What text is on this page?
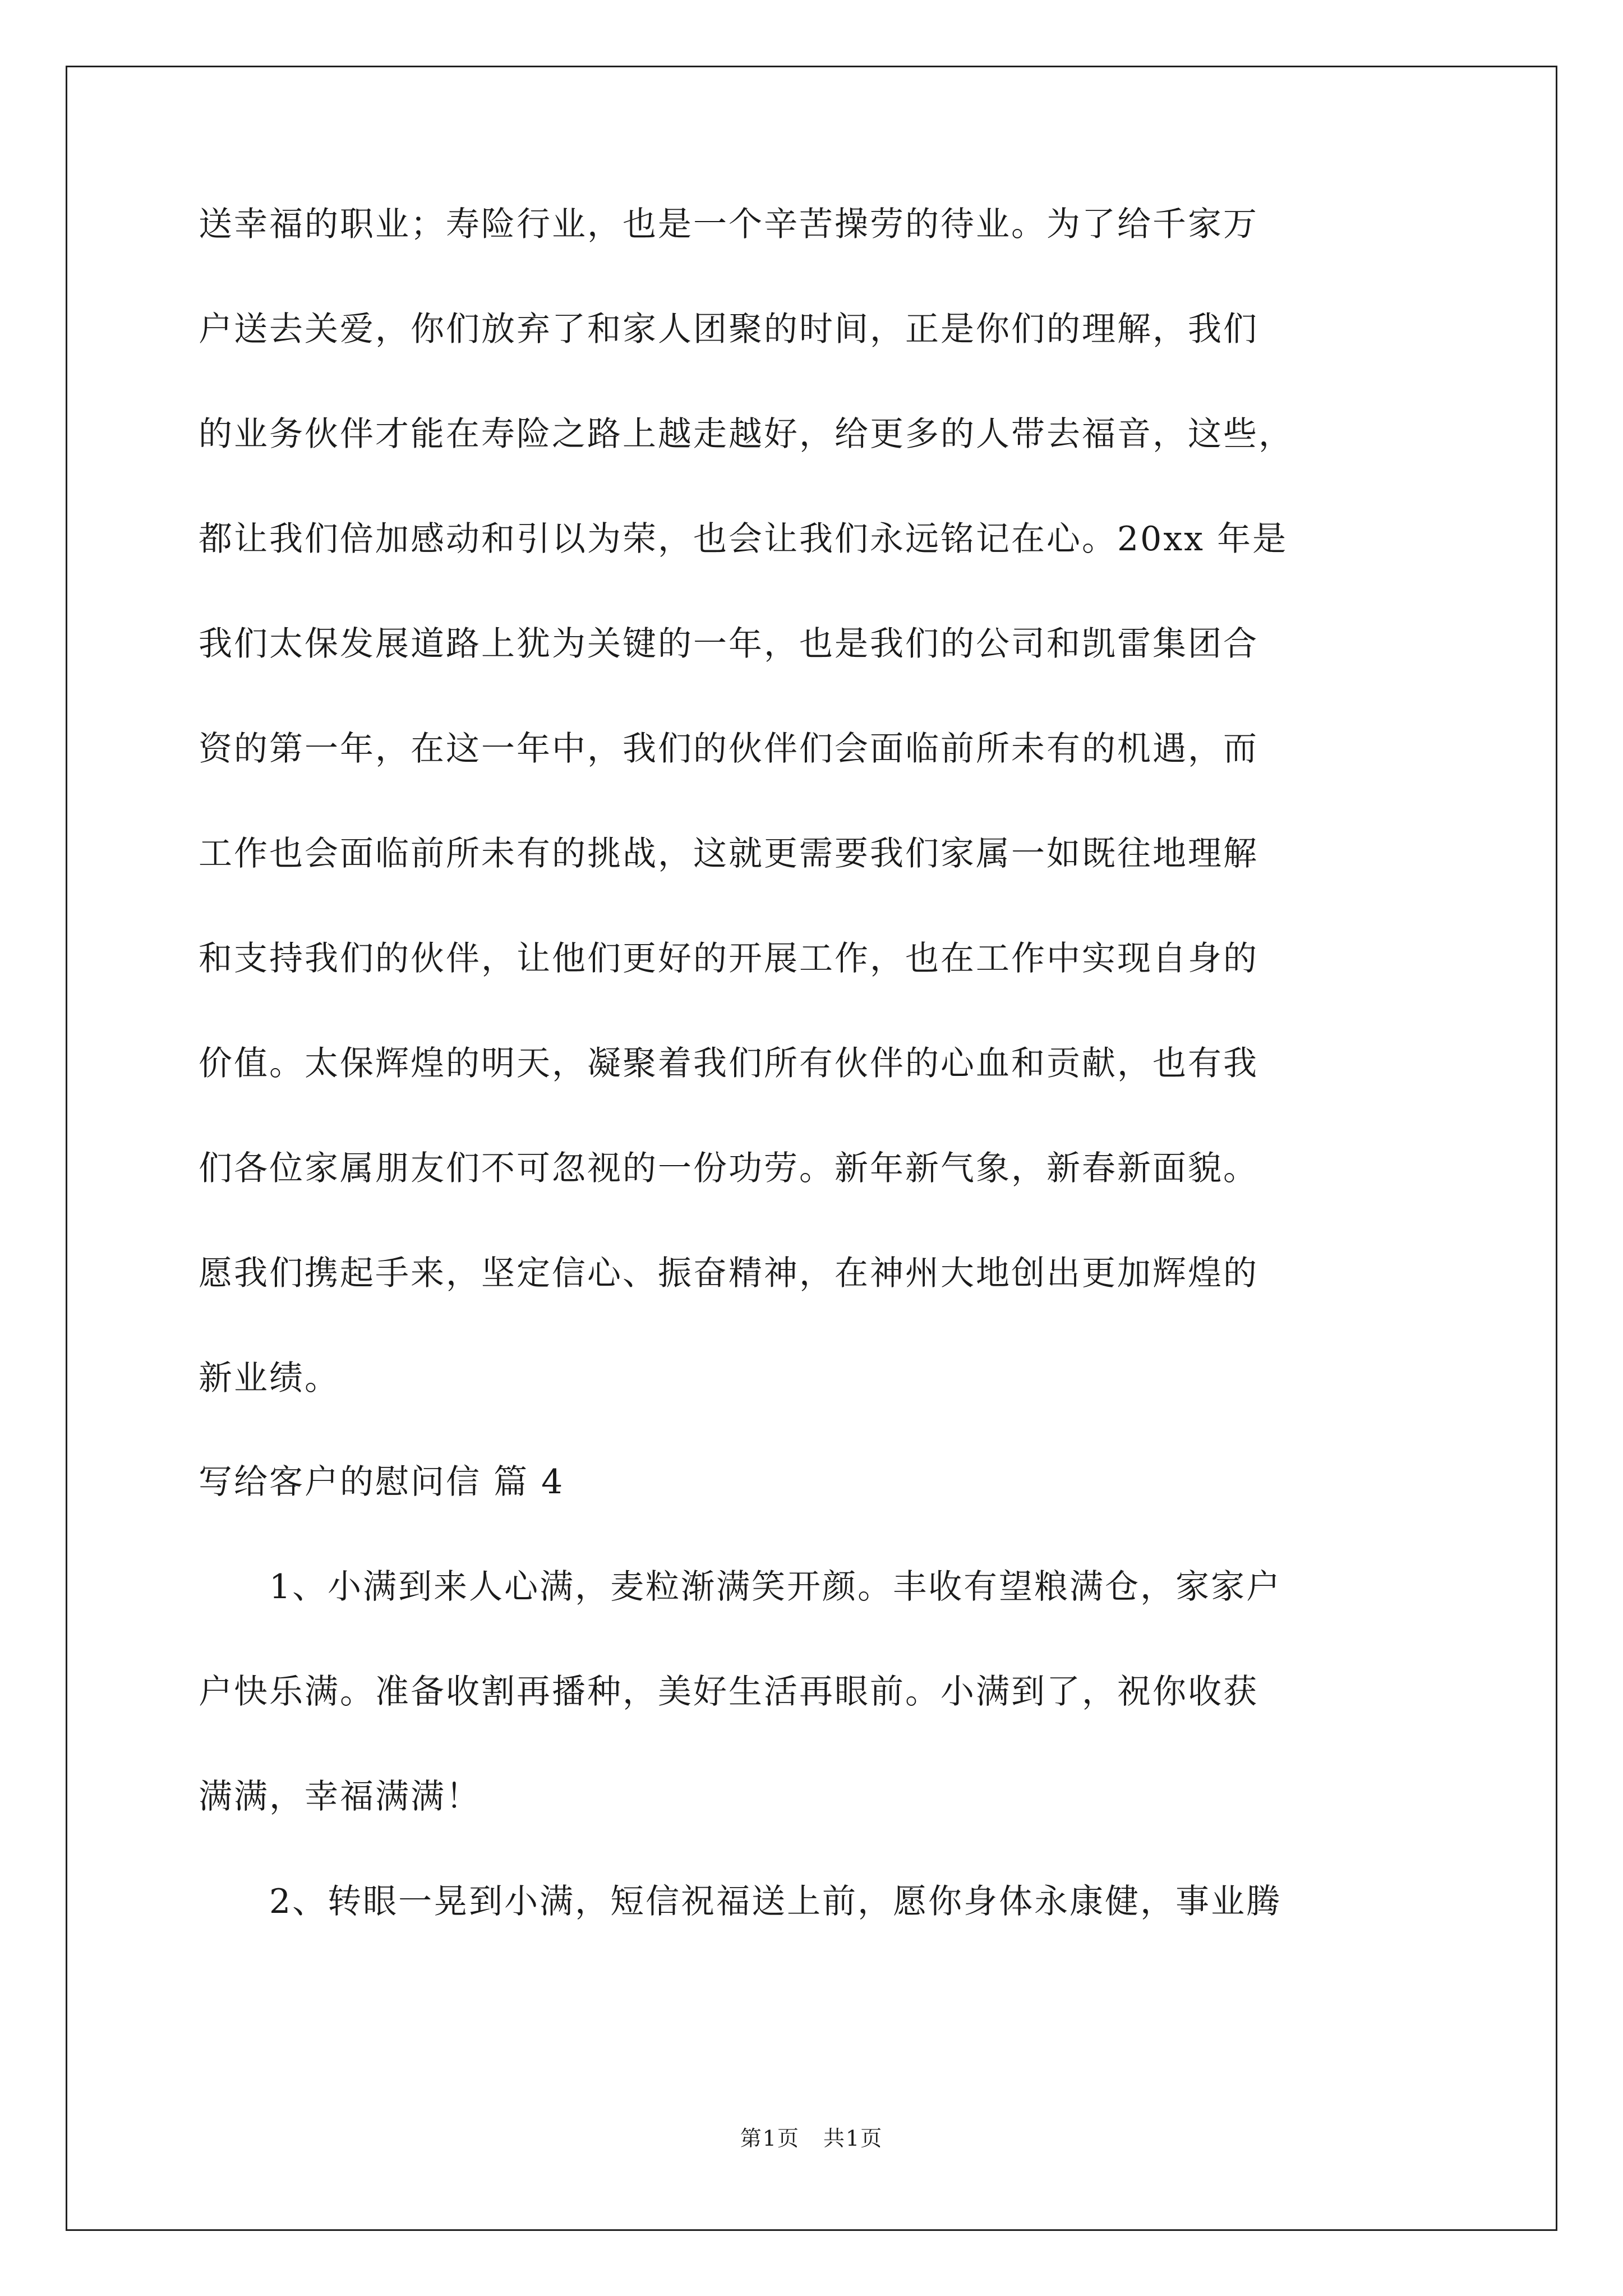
送幸福的职业；寿险行业，也是一个辛苦操劳的待业。为了给千家万
户送去关爱，你们放弃了和家人团聚的时间，正是你们的理解，我们
的业务伙伴才能在寿险之路上越走越好，给更多的人带去福音，这些，
都让我们倍加感动和引以为荣，也会让我们永远铭记在心。20xx 年是
我们太保发展道路上犹为关键的一年，也是我们的公司和凯雷集团合
资的第一年，在这一年中，我们的伙伴们会面临前所未有的机遇，而
工作也会面临前所未有的挑战，这就更需要我们家属一如既往地理解
和支持我们的伙伴，让他们更好的开展工作，也在工作中实现自身的
价值。太保辉煌的明天，凝聚着我们所有伙伴的心血和贡献，也有我
们各位家属朋友们不可忽视的一份功劳。新年新气象，新春新面貌。
愿我们携起手来，坚定信心、振奋精神，在神州大地创出更加辉煌的
新业绩。
写给客户的慰问信 篇 4
1、小满到来人心满，麦粒渐满笑开颜。丰收有望粮满仓，家家户
户快乐满。准备收割再播种，美好生活再眼前。小满到了，祝你收获
满满，幸福满满！
2、转眼一晃到小满，短信祝福送上前，愿你身体永康健，事业腾
第1页 共1页
